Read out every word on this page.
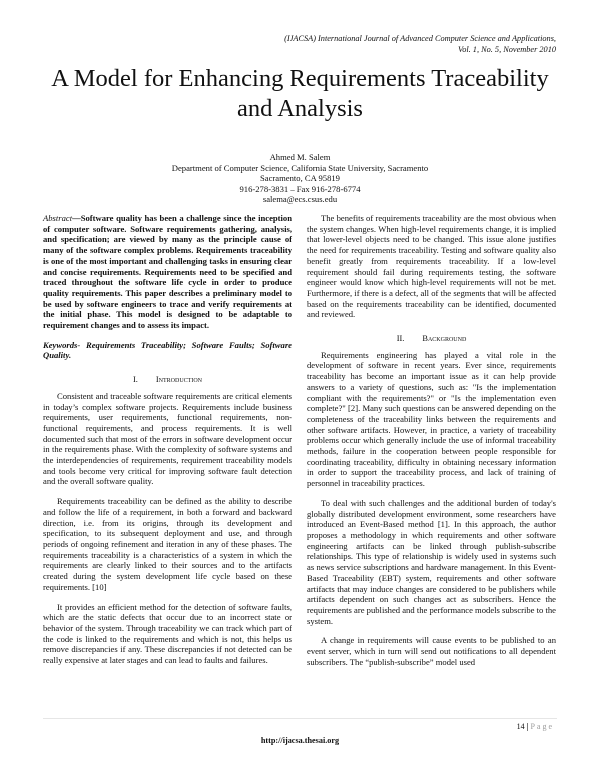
(IJACSA) International Journal of Advanced Computer Science and Applications,
Vol. 1, No. 5, November 2010
A Model for Enhancing Requirements Traceability
and Analysis
Ahmed M. Salem
Department of Computer Science, California State University, Sacramento
Sacramento, CA 95819
916-278-3831 – Fax 916-278-6774
salema@ecs.csus.edu

Abstract—Software quality has been a challenge since the inception of computer software. Software requirements gathering, analysis, and specification; are viewed by many as the principle cause of many of the software complex problems. Requirements traceability is one of the most important and challenging tasks in ensuring clear and concise requirements. Requirements need to be specified and traced throughout the software life cycle in order to produce quality requirements. This paper describes a preliminary model to be used by software engineers to trace and verify requirements at the initial phase. This model is designed to be adaptable to requirement changes and to assess its impact.

Keywords- Requirements Traceability; Software Faults; Software Quality.

I. Introduction

Consistent and traceable software requirements are critical elements in today’s complex software projects. Requirements include business requirements, user requirements, functional requirements, non-functional requirements, and process requirements. It is well documented such that most of the errors in software development occur in the requirements phase. With the complexity of software systems and the interdependencies of requirements, requirement traceability models and tools become very critical for improving software fault detection and the overall software quality.

Requirements traceability can be defined as the ability to describe and follow the life of a requirement, in both a forward and backward direction, i.e. from its origins, through its development and specification, to its subsequent deployment and use, and through periods of ongoing refinement and iteration in any of these phases. The requirements traceability is a characteristics of a system in which the requirements are clearly linked to their sources and to the artifacts created during the system development life cycle based on these requirements. [10]

It provides an efficient method for the detection of software faults, which are the static defects that occur due to an incorrect state or behavior of the system. Through traceability we can track which part of the code is linked to the requirements and which is not, this helps us remove discrepancies if any. These discrepancies if not detected can be really expensive at later stages and can lead to faults and failures.

The benefits of requirements traceability are the most obvious when the system changes. When high-level requirements change, it is implied that lower-level objects need to be changed. This issue alone justifies the need for requirements traceability. Testing and software quality also benefit greatly from requirements traceability. If a low-level requirement should fail during requirements testing, the software engineer would know which high-level requirements will not be met. Furthermore, if there is a defect, all of the segments that will be affected based on the requirements traceability can be identified, documented and reviewed.

II. Background

Requirements engineering has played a vital role in the development of software in recent years. Ever since, requirements traceability has become an important issue as it can help provide answers to a variety of questions, such as: "Is the implementation compliant with the requirements?" or "Is the implementation even complete?" [2]. Many such questions can be answered depending on the completeness of the traceability links between the requirements and other software artifacts. However, in practice, a variety of traceability problems occur which generally include the use of informal traceability methods, failure in the cooperation between people responsible for coordinating traceability, difficulty in obtaining necessary information in order to support the traceability process, and lack of training of personnel in traceability practices.

To deal with such challenges and the additional burden of today's globally distributed development environment, some researchers have introduced an Event-Based method [1]. In this approach, the author proposes a methodology in which requirements and other software engineering artifacts can be linked through publish-subscribe relationships. This type of relationship is widely used in systems such as news service subscriptions and hardware management. In this Event-Based Traceability (EBT) system, requirements and other software artifacts that may induce changes are considered to be publishers while artifacts dependent on such changes act as subscribers. Hence the requirements are published and the performance models subscribe to the system.

A change in requirements will cause events to be published to an event server, which in turn will send out notifications to all dependent subscribers. The “publish-subscribe” model used

14 | Page
http://ijacsa.thesai.org
